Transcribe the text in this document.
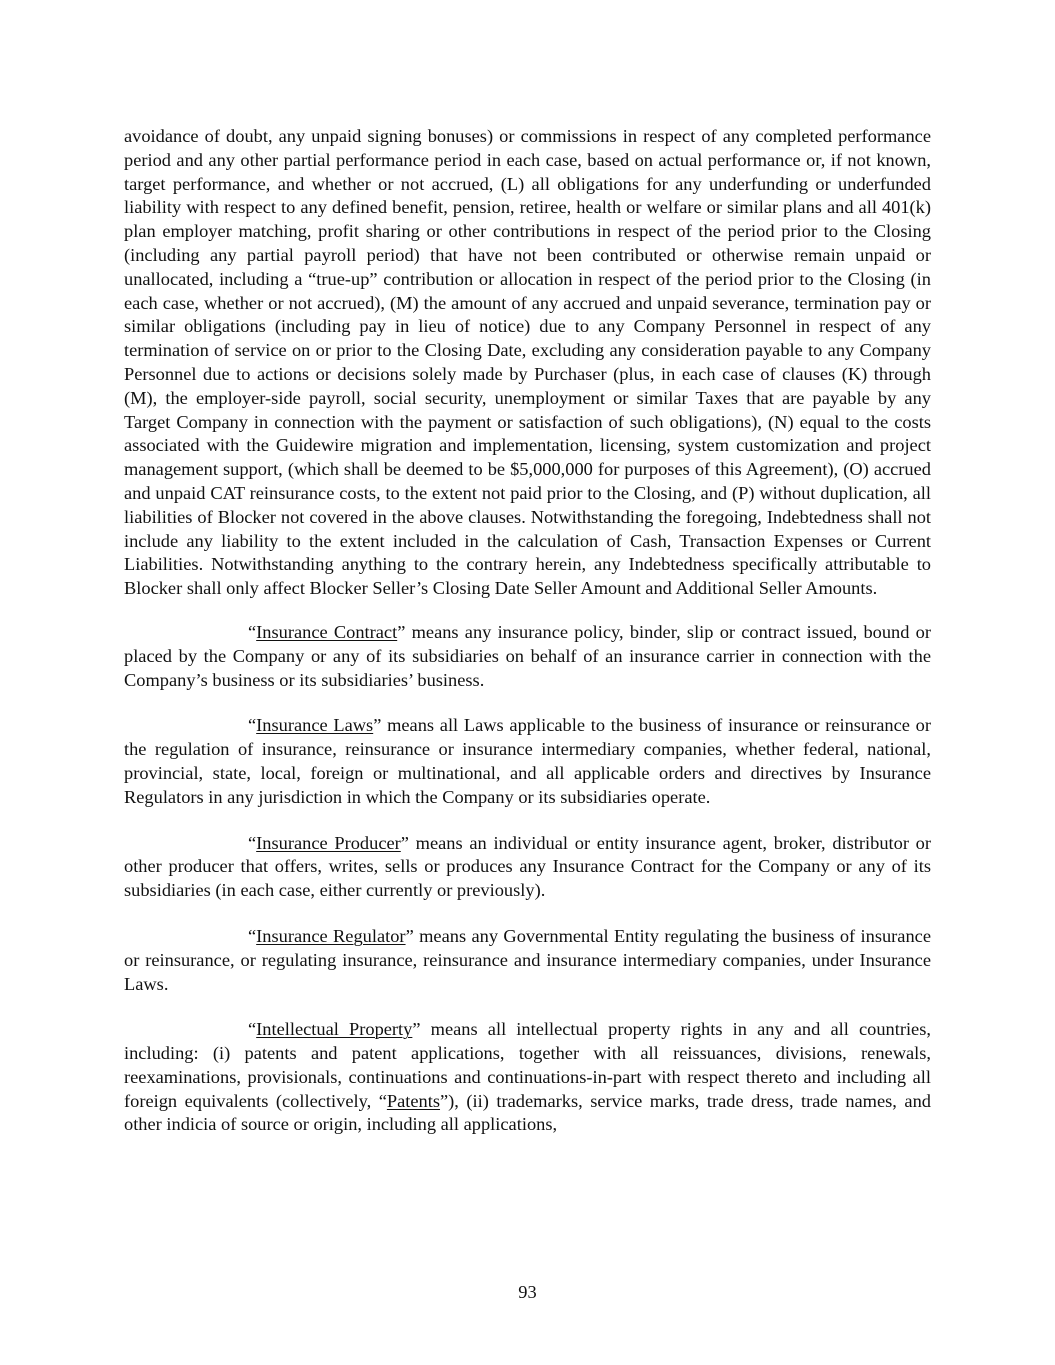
avoidance of doubt, any unpaid signing bonuses) or commissions in respect of any completed performance period and any other partial performance period in each case, based on actual performance or, if not known, target performance, and whether or not accrued, (L) all obligations for any underfunding or underfunded liability with respect to any defined benefit, pension, retiree, health or welfare or similar plans and all 401(k) plan employer matching, profit sharing or other contributions in respect of the period prior to the Closing (including any partial payroll period) that have not been contributed or otherwise remain unpaid or unallocated, including a “true-up” contribution or allocation in respect of the period prior to the Closing (in each case, whether or not accrued), (M) the amount of any accrued and unpaid severance, termination pay or similar obligations (including pay in lieu of notice) due to any Company Personnel in respect of any termination of service on or prior to the Closing Date, excluding any consideration payable to any Company Personnel due to actions or decisions solely made by Purchaser (plus, in each case of clauses (K) through (M), the employer-side payroll, social security, unemployment or similar Taxes that are payable by any Target Company in connection with the payment or satisfaction of such obligations), (N) equal to the costs associated with the Guidewire migration and implementation, licensing, system customization and project management support, (which shall be deemed to be $5,000,000 for purposes of this Agreement), (O) accrued and unpaid CAT reinsurance costs, to the extent not paid prior to the Closing, and (P) without duplication, all liabilities of Blocker not covered in the above clauses. Notwithstanding the foregoing, Indebtedness shall not include any liability to the extent included in the calculation of Cash, Transaction Expenses or Current Liabilities. Notwithstanding anything to the contrary herein, any Indebtedness specifically attributable to Blocker shall only affect Blocker Seller’s Closing Date Seller Amount and Additional Seller Amounts.

“Insurance Contract” means any insurance policy, binder, slip or contract issued, bound or placed by the Company or any of its subsidiaries on behalf of an insurance carrier in connection with the Company’s business or its subsidiaries’ business.

“Insurance Laws” means all Laws applicable to the business of insurance or reinsurance or the regulation of insurance, reinsurance or insurance intermediary companies, whether federal, national, provincial, state, local, foreign or multinational, and all applicable orders and directives by Insurance Regulators in any jurisdiction in which the Company or its subsidiaries operate.

“Insurance Producer” means an individual or entity insurance agent, broker, distributor or other producer that offers, writes, sells or produces any Insurance Contract for the Company or any of its subsidiaries (in each case, either currently or previously).

“Insurance Regulator” means any Governmental Entity regulating the business of insurance or reinsurance, or regulating insurance, reinsurance and insurance intermediary companies, under Insurance Laws.

“Intellectual Property” means all intellectual property rights in any and all countries, including: (i) patents and patent applications, together with all reissuances, divisions, renewals, reexaminations, provisionals, continuations and continuations-in-part with respect thereto and including all foreign equivalents (collectively, “Patents”), (ii) trademarks, service marks, trade dress, trade names, and other indicia of source or origin, including all applications,

93
